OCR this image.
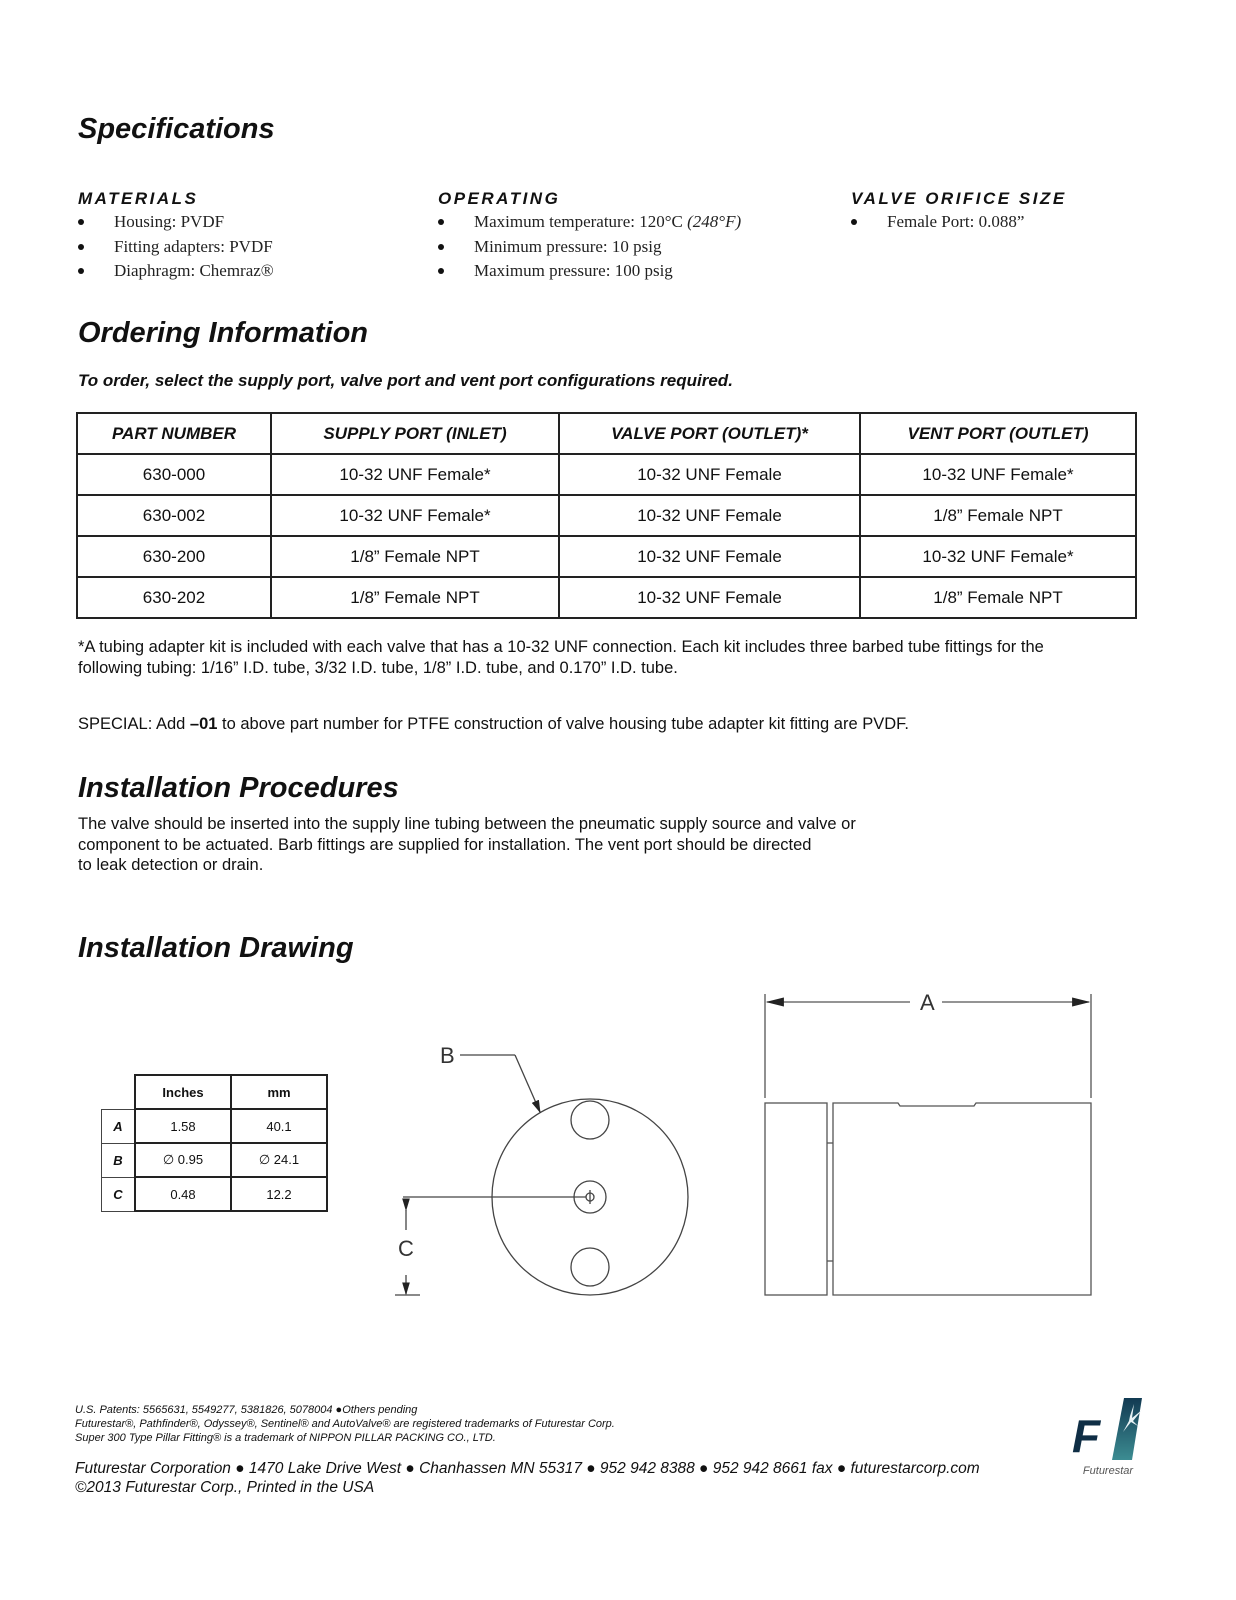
Specifications
MATERIALS
Housing: PVDF
Fitting adapters: PVDF
Diaphragm: Chemraz®
OPERATING
Maximum temperature: 120°C (248°F)
Minimum pressure: 10 psig
Maximum pressure: 100 psig
VALVE ORIFICE SIZE
Female Port: 0.088”
Ordering Information
To order, select the supply port, valve port and vent port configurations required.
PART NUMBER	SUPPLY PORT (INLET)	VALVE PORT (OUTLET)*	VENT PORT (OUTLET)
630-000	10-32 UNF Female*	10-32 UNF Female	10-32 UNF Female*
630-002	10-32 UNF Female*	10-32 UNF Female	1/8” Female NPT
630-200	1/8” Female NPT	10-32 UNF Female	10-32 UNF Female*
630-202	1/8” Female NPT	10-32 UNF Female	1/8” Female NPT
*A tubing adapter kit is included with each valve that has a 10-32 UNF connection. Each kit includes three barbed tube fittings for the
following tubing: 1/16” I.D. tube, 3/32 I.D. tube, 1/8” I.D. tube, and 0.170” I.D. tube.
SPECIAL: Add –01 to above part number for PTFE construction of valve housing tube adapter kit fitting are PVDF.
Installation Procedures
The valve should be inserted into the supply line tubing between the pneumatic supply source and valve or
component to be actuated. Barb fittings are supplied for installation. The vent port should be directed
to leak detection or drain.
Installation Drawing
	Inches	mm
A	1.58	40.1
B	∅ 0.95	∅ 24.1
C	0.48	12.2
B
C
A
U.S. Patents: 5565631, 5549277, 5381826, 5078004 ●Others pending
Futurestar®, Pathfinder®, Odyssey®, Sentinel® and AutoValve® are registered trademarks of Futurestar Corp.
Super 300 Type Pillar Fitting® is a trademark of NIPPON PILLAR PACKING CO., LTD.
Futurestar Corporation ● 1470 Lake Drive West ● Chanhassen MN 55317 ● 952 942 8388 ● 952 942 8661 fax ● futurestarcorp.com
©2013 Futurestar Corp., Printed in the USA
F
Futurestar
